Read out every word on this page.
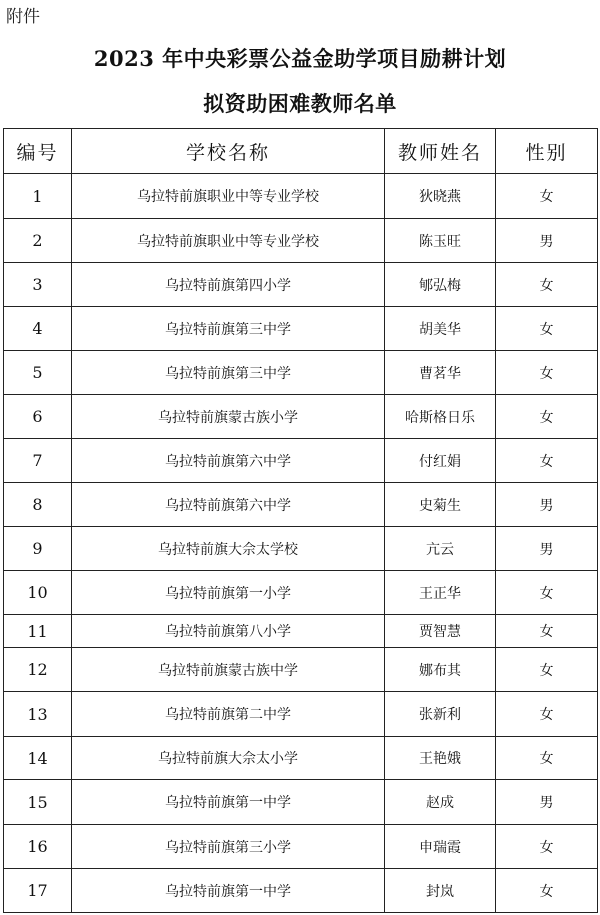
附件
2023 年中央彩票公益金助学项目励耕计划
拟资助困难教师名单
编号	学校名称	教师姓名	性别
1	乌拉特前旗职业中等专业学校	狄晓燕	女
2	乌拉特前旗职业中等专业学校	陈玉旺	男
3	乌拉特前旗第四小学	郇弘梅	女
4	乌拉特前旗第三中学	胡美华	女
5	乌拉特前旗第三中学	曹茗华	女
6	乌拉特前旗蒙古族小学	哈斯格日乐	女
7	乌拉特前旗第六中学	付红娟	女
8	乌拉特前旗第六中学	史菊生	男
9	乌拉特前旗大佘太学校	亢云	男
10	乌拉特前旗第一小学	王正华	女
11	乌拉特前旗第八小学	贾智慧	女
12	乌拉特前旗蒙古族中学	娜布其	女
13	乌拉特前旗第二中学	张新利	女
14	乌拉特前旗大佘太小学	王艳娥	女
15	乌拉特前旗第一中学	赵成	男
16	乌拉特前旗第三小学	申瑞霞	女
17	乌拉特前旗第一中学	封岚	女
